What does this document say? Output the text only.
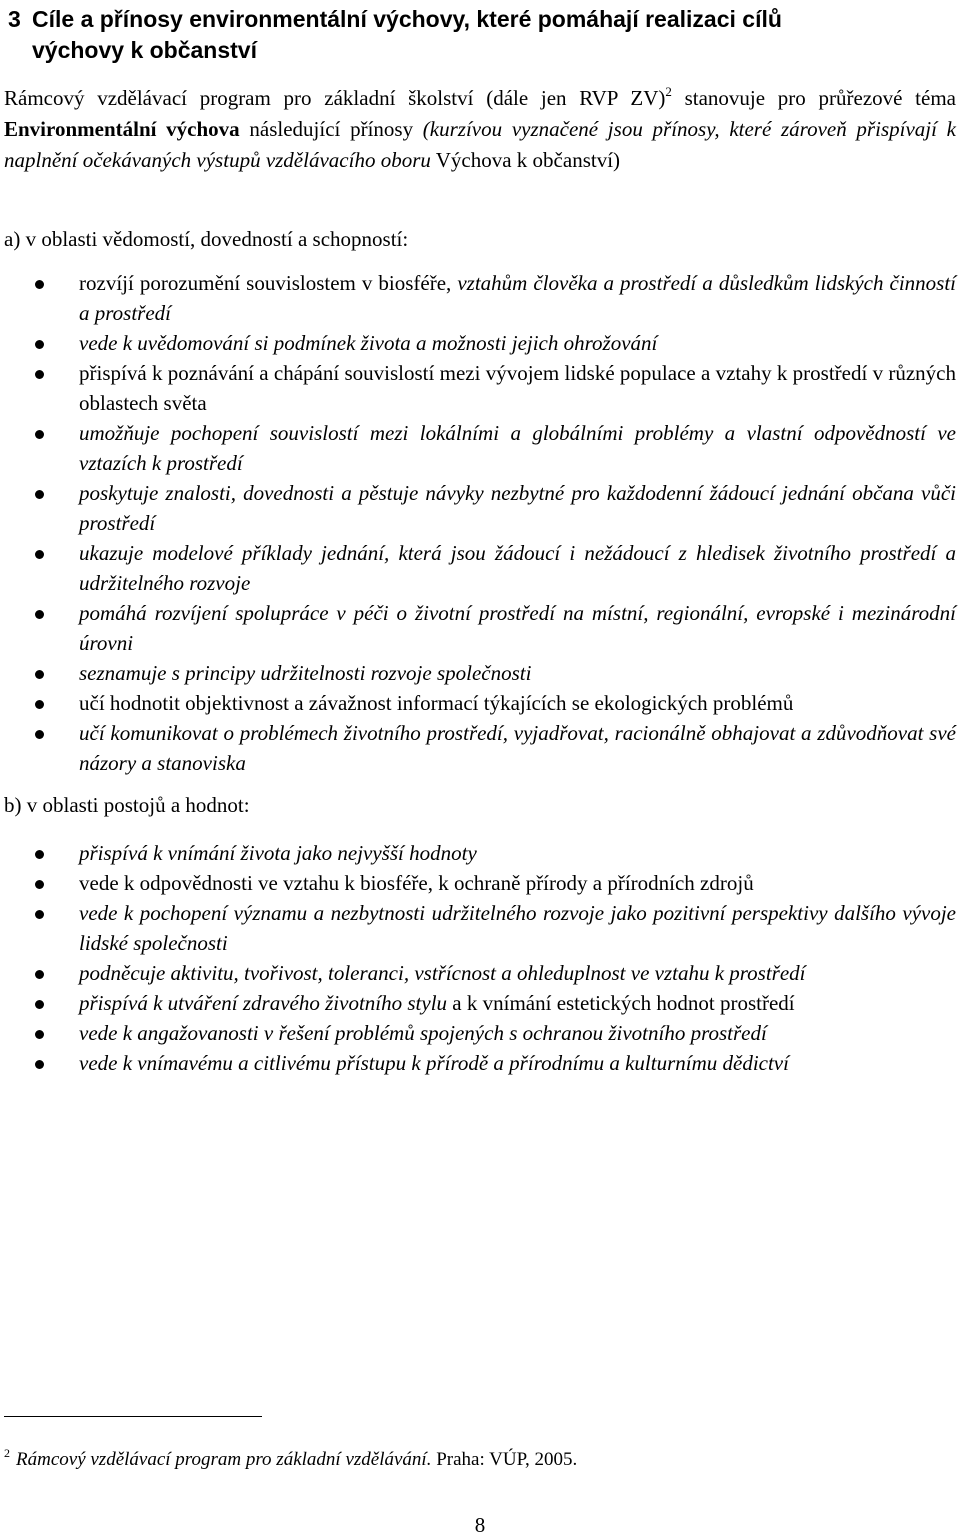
3 Cíle a přínosy environmentální výchovy, které pomáhají realizaci cílů
výchovy k občanství
Rámcový vzdělávací program pro základní školství (dále jen RVP ZV)$^2$ stanovuje pro průřezové téma Environmentální výchova následující přínosy (kurzívou vyznačené jsou přínosy, které zároveň přispívají k naplnění očekávaných výstupů vzdělávacího oboru Výchova k občanství)
a) v oblasti vědomostí, dovedností a schopností:
rozvíjí porozumění souvislostem v biosféře, vztahům člověka a prostředí a důsledkům lidských činností a prostředí
vede k uvědomování si podmínek života a možnosti jejich ohrožování
přispívá k poznávání a chápání souvislostí mezi vývojem lidské populace a vztahy k prostředí v různých oblastech světa
umožňuje pochopení souvislostí mezi lokálními a globálními problémy a vlastní odpovědností ve vztazích k prostředí
poskytuje znalosti, dovednosti a pěstuje návyky nezbytné pro každodenní žádoucí jednání občana vůči prostředí
ukazuje modelové příklady jednání, která jsou žádoucí i nežádoucí z hledisek životního prostředí a udržitelného rozvoje
pomáhá rozvíjení spolupráce v péči o životní prostředí na místní, regionální, evropské i mezinárodní úrovni
seznamuje s principy udržitelnosti rozvoje společnosti
učí hodnotit objektivnost a závažnost informací týkajících se ekologických problémů
učí komunikovat o problémech životního prostředí, vyjadřovat, racionálně obhajovat a zdůvodňovat své názory a stanoviska
b) v oblasti postojů a hodnot:
přispívá k vnímání života jako nejvyšší hodnoty
vede k odpovědnosti ve vztahu k biosféře, k ochraně přírody a přírodních zdrojů
vede k pochopení významu a nezbytnosti udržitelného rozvoje jako pozitivní perspektivy dalšího vývoje lidské společnosti
podněcuje aktivitu, tvořivost, toleranci, vstřícnost a ohleduplnost ve vztahu k prostředí
přispívá k utváření zdravého životního stylu a k vnímání estetických hodnot prostředí
vede k angažovanosti v řešení problémů spojených s ochranou životního prostředí
vede k vnímavému a citlivému přístupu k přírodě a přírodnímu a kulturnímu dědictví
$^2$ Rámcový vzdělávací program pro základní vzdělávání. Praha: VÚP, 2005.
8
